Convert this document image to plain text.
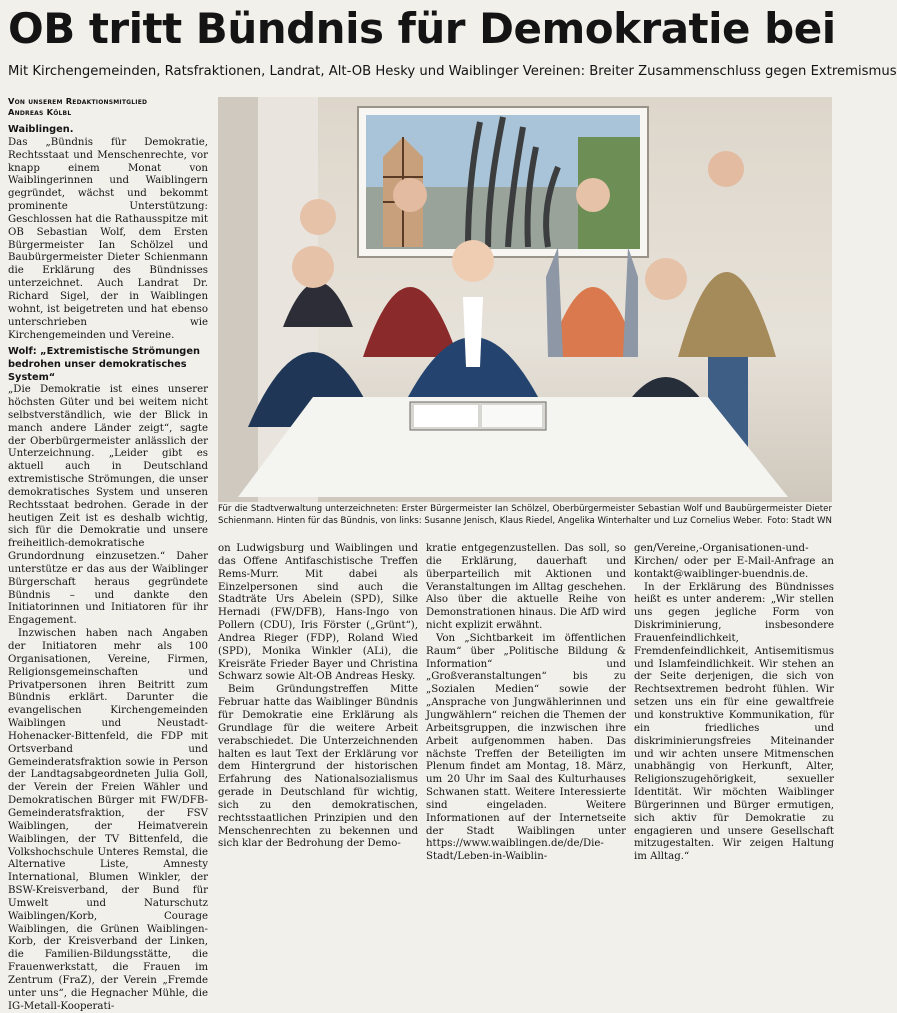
OB tritt Bündnis für Demokratie bei
Mit Kirchengemeinden, Ratsfraktionen, Landrat, Alt-OB Hesky und Waiblinger Vereinen: Breiter Zusammenschluss gegen Extremismus
Von unserem Redaktionsmitglied
Andreas Kölbl

Waiblingen.

Das „Bündnis für Demokratie, Rechtsstaat und Menschenrechte, vor knapp einem Monat von Waiblingerinnen und Waiblingern gegründet, wächst und bekommt prominente Unterstützung: Geschlossen hat die Rathausspitze mit OB Sebastian Wolf, dem Ersten Bürgermeister Ian Schölzel und Baubürgermeister Dieter Schienmann die Erklärung des Bündnisses unterzeichnet. Auch Landrat Dr. Richard Sigel, der in Waiblingen wohnt, ist beigetreten und hat ebenso unterschrieben wie Kirchengemeinden und Vereine.

Wolf: „Extremistische Strömungen bedrohen unser demokratisches System“

„Die Demokratie ist eines unserer höchsten Güter und bei weitem nicht selbstverständlich, wie der Blick in manch andere Länder zeigt“, sagte der Oberbürgermeister anlässlich der Unterzeichnung. „Leider gibt es aktuell auch in Deutschland extremistische Strömungen, die unser demokratisches System und unseren Rechtsstaat bedrohen. Gerade in der heutigen Zeit ist es deshalb wichtig, sich für die Demokratie und unsere freiheitlich-demokratische Grundordnung einzusetzen.“ Daher unterstütze er das aus der Waiblinger Bürgerschaft heraus gegründete Bündnis – und dankte den Initiatorinnen und Initiatoren für ihr Engagement.

Inzwischen haben nach Angaben der Initiatoren mehr als 100 Organisationen, Vereine, Firmen, Religionsgemeinschaften und Privatpersonen ihren Beitritt zum Bündnis erklärt. Darunter die evangelischen Kirchengemeinden Waiblingen und Neustadt-Hohenacker-Bittenfeld, die FDP mit Ortsverband und Gemeinderatsfraktion sowie in Person der Landtagsabgeordneten Julia Goll, der Verein der Freien Wähler und Demokratischen Bürger mit FW/DFB-Gemeinderatsfraktion, der FSV Waiblingen, der Heimatverein Waiblingen, der TV Bittenfeld, die Volkshochschule Unteres Remstal, die Alternative Liste, Amnesty International, Blumen Winkler, der BSW-Kreisverband, der Bund für Umwelt und Naturschutz Waiblingen/Korb, Courage Waiblingen, die Grünen Waiblingen-Korb, der Kreisverband der Linken, die Familien-Bildungsstätte, die Frauenwerkstatt, die Frauen im Zentrum (FraZ), der Verein „Fremde unter uns“, die Hegnacher Mühle, die IG-Metall-Kooperati-

Für die Stadtverwaltung unterzeichneten: Erster Bürgermeister Ian Schölzel, Oberbürgermeister Sebastian Wolf und Baubürgermeister Dieter Schienmann. Hinten für das Bündnis, von links: Susanne Jenisch, Klaus Riedel, Angelika Winterhalter und Luz Cornelius Weber. Foto: Stadt WN

on Ludwigsburg und Waiblingen und das Offene Antifaschistische Treffen Rems-Murr. Mit dabei als Einzelpersonen sind auch die Stadträte Urs Abelein (SPD), Silke Hernadi (FW/DFB), Hans-Ingo von Pollern (CDU), Iris Förster („Grünt“), Andrea Rieger (FDP), Roland Wied (SPD), Monika Winkler (ALi), die Kreisräte Frieder Bayer und Christina Schwarz sowie Alt-OB Andreas Hesky.

Beim Gründungstreffen Mitte Februar hatte das Waiblinger Bündnis für Demokratie eine Erklärung als Grundlage für die weitere Arbeit verabschiedet. Die Unterzeichnenden halten es laut Text der Erklärung vor dem Hintergrund der historischen Erfahrung des Nationalsozialismus gerade in Deutschland für wichtig, sich zu den demokratischen, rechtsstaatlichen Prinzipien und den Menschenrechten zu bekennen und sich klar der Bedrohung der Demo-

kratie entgegenzustellen. Das soll, so die Erklärung, dauerhaft und überparteilich mit Aktionen und Veranstaltungen im Alltag geschehen. Also über die aktuelle Reihe von Demonstrationen hinaus. Die AfD wird nicht explizit erwähnt.

Von „Sichtbarkeit im öffentlichen Raum“ über „Politische Bildung & Information“ und „Großveranstaltungen“ bis zu „Sozialen Medien“ sowie der „Ansprache von Jungwählerinnen und Jungwählern“ reichen die Themen der Arbeitsgruppen, die inzwischen ihre Arbeit aufgenommen haben. Das nächste Treffen der Beteiligten im Plenum findet am Montag, 18. März, um 20 Uhr im Saal des Kulturhauses Schwanen statt. Weitere Interessierte sind eingeladen. Weitere Informationen auf der Internetseite der Stadt Waiblingen unter https://www.waiblingen.de/de/Die-Stadt/Leben-in-Waiblin-

gen/Vereine,-Organisationen-und-Kirchen/ oder per E-Mail-Anfrage an kontakt@waiblinger-buendnis.de.

In der Erklärung des Bündnisses heißt es unter anderem: „Wir stellen uns gegen jegliche Form von Diskriminierung, insbesondere Frauenfeindlichkeit, Fremdenfeindlichkeit, Antisemitismus und Islamfeindlichkeit. Wir stehen an der Seite derjenigen, die sich von Rechtsextremen bedroht fühlen. Wir setzen uns ein für eine gewaltfreie und konstruktive Kommunikation, für ein friedliches und diskriminierungsfreies Miteinander und wir achten unsere Mitmenschen unabhängig von Herkunft, Alter, Religionszugehörigkeit, sexueller Identität. Wir möchten Waiblinger Bürgerinnen und Bürger ermutigen, sich aktiv für Demokratie zu engagieren und unsere Gesellschaft mitzugestalten. Wir zeigen Haltung im Alltag.“
